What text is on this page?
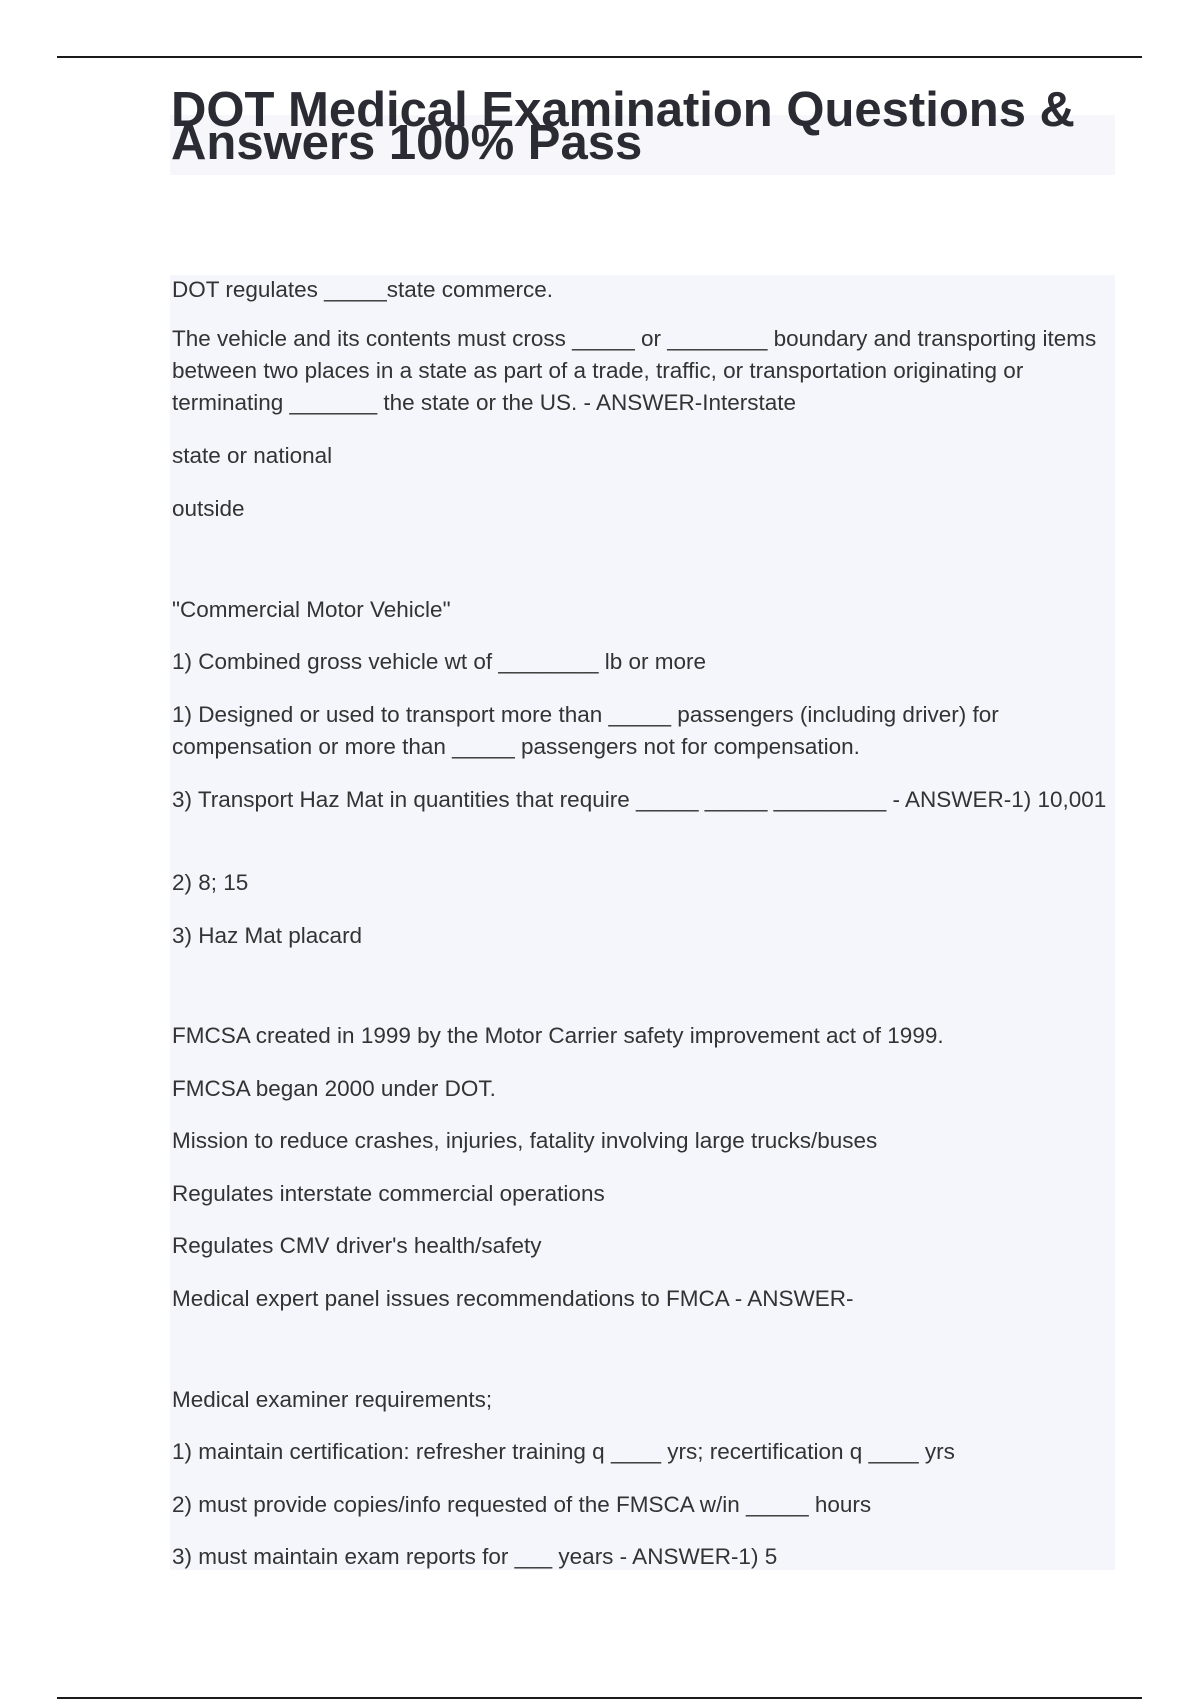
DOT Medical Examination Questions & Answers 100% Pass

DOT regulates _____state commerce.

The vehicle and its contents must cross _____ or ________ boundary and transporting items between two places in a state as part of a trade, traffic, or transportation originating or terminating _______ the state or the US. - ANSWER-Interstate

state or national

outside

"Commercial Motor Vehicle"

1) Combined gross vehicle wt of ________ lb or more

1) Designed or used to transport more than _____ passengers (including driver) for compensation or more than _____ passengers not for compensation.

3) Transport Haz Mat in quantities that require _____ _____ _________ - ANSWER-1) 10,001

2) 8; 15

3) Haz Mat placard

FMCSA created in 1999 by the Motor Carrier safety improvement act of 1999.

FMCSA began 2000 under DOT.

Mission to reduce crashes, injuries, fatality involving large trucks/buses

Regulates interstate commercial operations

Regulates CMV driver's health/safety

Medical expert panel issues recommendations to FMCA - ANSWER-

Medical examiner requirements;

1) maintain certification: refresher training q ____ yrs; recertification q ____ yrs

2) must provide copies/info requested of the FMSCA w/in _____ hours

3) must maintain exam reports for ___ years - ANSWER-1) 5
